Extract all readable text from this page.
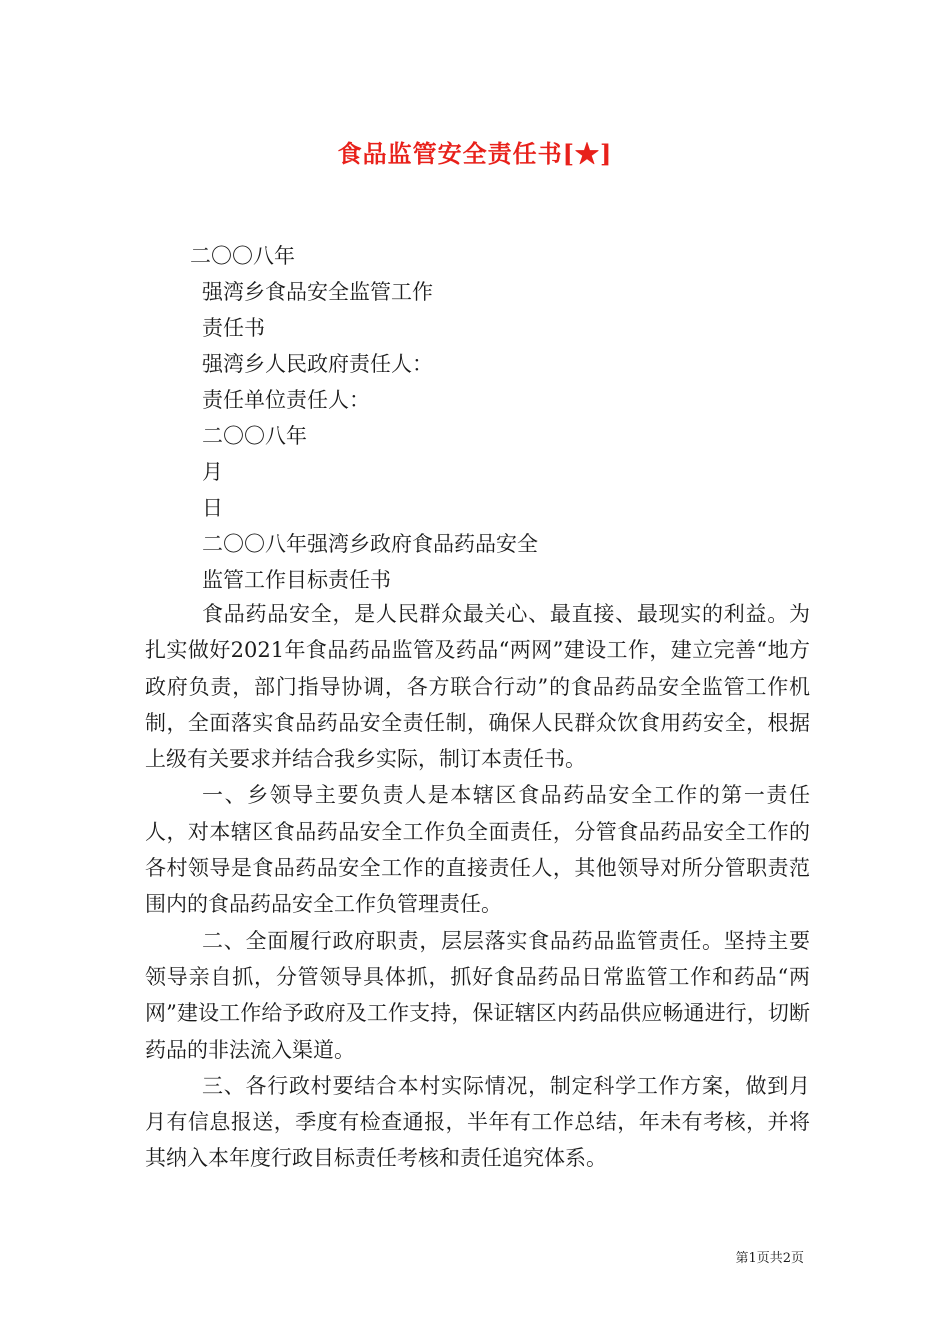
食品监管安全责任书[★]
二〇〇八年
强湾乡食品安全监管工作
责任书
强湾乡人民政府责任人：
责任单位责任人：
二〇〇八年
月
日
二〇〇八年强湾乡政府食品药品安全
监管工作目标责任书

食品药品安全，是人民群众最关心、最直接、最现实的利益。为扎实做好2021年食品药品监管及药品“两网”建设工作，建立完善“地方政府负责，部门指导协调，各方联合行动”的食品药品安全监管工作机制，全面落实食品药品安全责任制，确保人民群众饮食用药安全，根据上级有关要求并结合我乡实际，制订本责任书。

一、乡领导主要负责人是本辖区食品药品安全工作的第一责任人，对本辖区食品药品安全工作负全面责任，分管食品药品安全工作的各村领导是食品药品安全工作的直接责任人，其他领导对所分管职责范围内的食品药品安全工作负管理责任。

二、全面履行政府职责，层层落实食品药品监管责任。坚持主要领导亲自抓，分管领导具体抓，抓好食品药品日常监管工作和药品“两网”建设工作给予政府及工作支持，保证辖区内药品供应畅通进行，切断药品的非法流入渠道。

三、各行政村要结合本村实际情况，制定科学工作方案，做到月月有信息报送，季度有检查通报，半年有工作总结，年未有考核，并将其纳入本年度行政目标责任考核和责任追究体系。

第1页共2页
